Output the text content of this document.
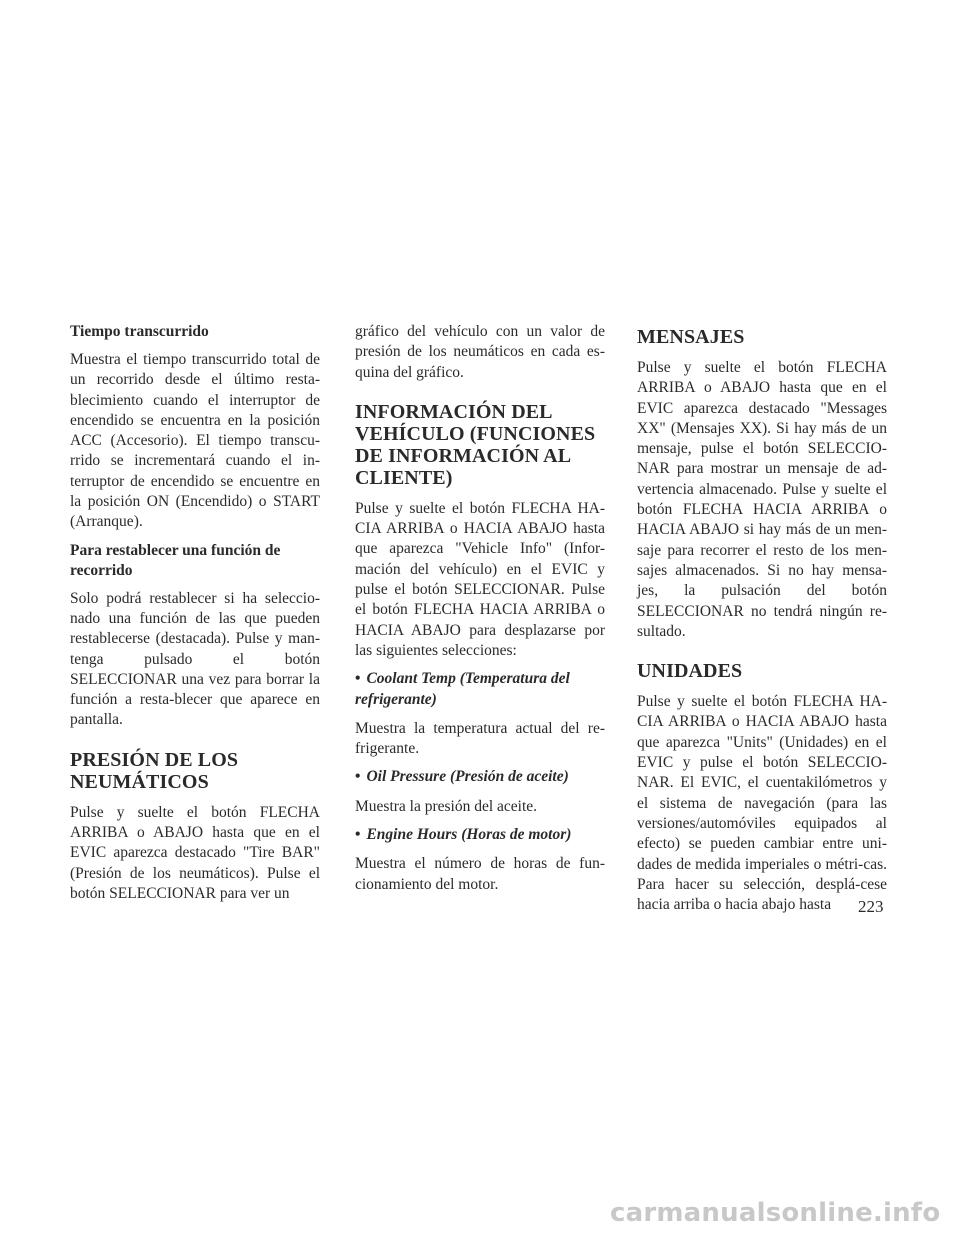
Tiempo transcurrido
Muestra el tiempo transcurrido total de un recorrido desde el último resta-blecimiento cuando el interruptor de encendido se encuentra en la posición ACC (Accesorio). El tiempo transcu-rrido se incrementará cuando el in-terruptor de encendido se encuentre en la posición ON (Encendido) o START (Arranque).
Para restablecer una función de recorrido
Solo podrá restablecer si ha seleccio-nado una función de las que pueden restablecerse (destacada). Pulse y man-tenga pulsado el botón SELECCIONAR una vez para borrar la función a resta-blecer que aparece en pantalla.
PRESIÓN DE LOS NEUMÁTICOS
Pulse y suelte el botón FLECHA ARRIBA o ABAJO hasta que en el EVIC aparezca destacado "Tire BAR" (Presión de los neumáticos). Pulse el botón SELECCIONAR para ver un
gráfico del vehículo con un valor de presión de los neumáticos en cada es-quina del gráfico.
INFORMACIÓN DEL VEHÍCULO (FUNCIONES DE INFORMACIÓN AL CLIENTE)
Pulse y suelte el botón FLECHA HA-CIA ARRIBA o HACIA ABAJO hasta que aparezca "Vehicle Info" (Infor-mación del vehículo) en el EVIC y pulse el botón SELECCIONAR. Pulse el botón FLECHA HACIA ARRIBA o HACIA ABAJO para desplazarse por las siguientes selecciones:
• Coolant Temp (Temperatura del refrigerante)
Muestra la temperatura actual del re-frigerante.
• Oil Pressure (Presión de aceite)
Muestra la presión del aceite.
• Engine Hours (Horas de motor)
Muestra el número de horas de fun-cionamiento del motor.
MENSAJES
Pulse y suelte el botón FLECHA ARRIBA o ABAJO hasta que en el EVIC aparezca destacado "Messages XX" (Mensajes XX). Si hay más de un mensaje, pulse el botón SELECCIO-NAR para mostrar un mensaje de ad-vertencia almacenado. Pulse y suelte el botón FLECHA HACIA ARRIBA o HACIA ABAJO si hay más de un men-saje para recorrer el resto de los men-sajes almacenados. Si no hay mensa-jes, la pulsación del botón SELECCIONAR no tendrá ningún re-sultado.
UNIDADES
Pulse y suelte el botón FLECHA HA-CIA ARRIBA o HACIA ABAJO hasta que aparezca "Units" (Unidades) en el EVIC y pulse el botón SELECCIO-NAR. El EVIC, el cuentakilómetros y el sistema de navegación (para las versiones/automóviles equipados al efecto) se pueden cambiar entre uni-dades de medida imperiales o métri-cas. Para hacer su selección, desplá-cese hacia arriba o hacia abajo hasta	223
carmanualsonline.info
